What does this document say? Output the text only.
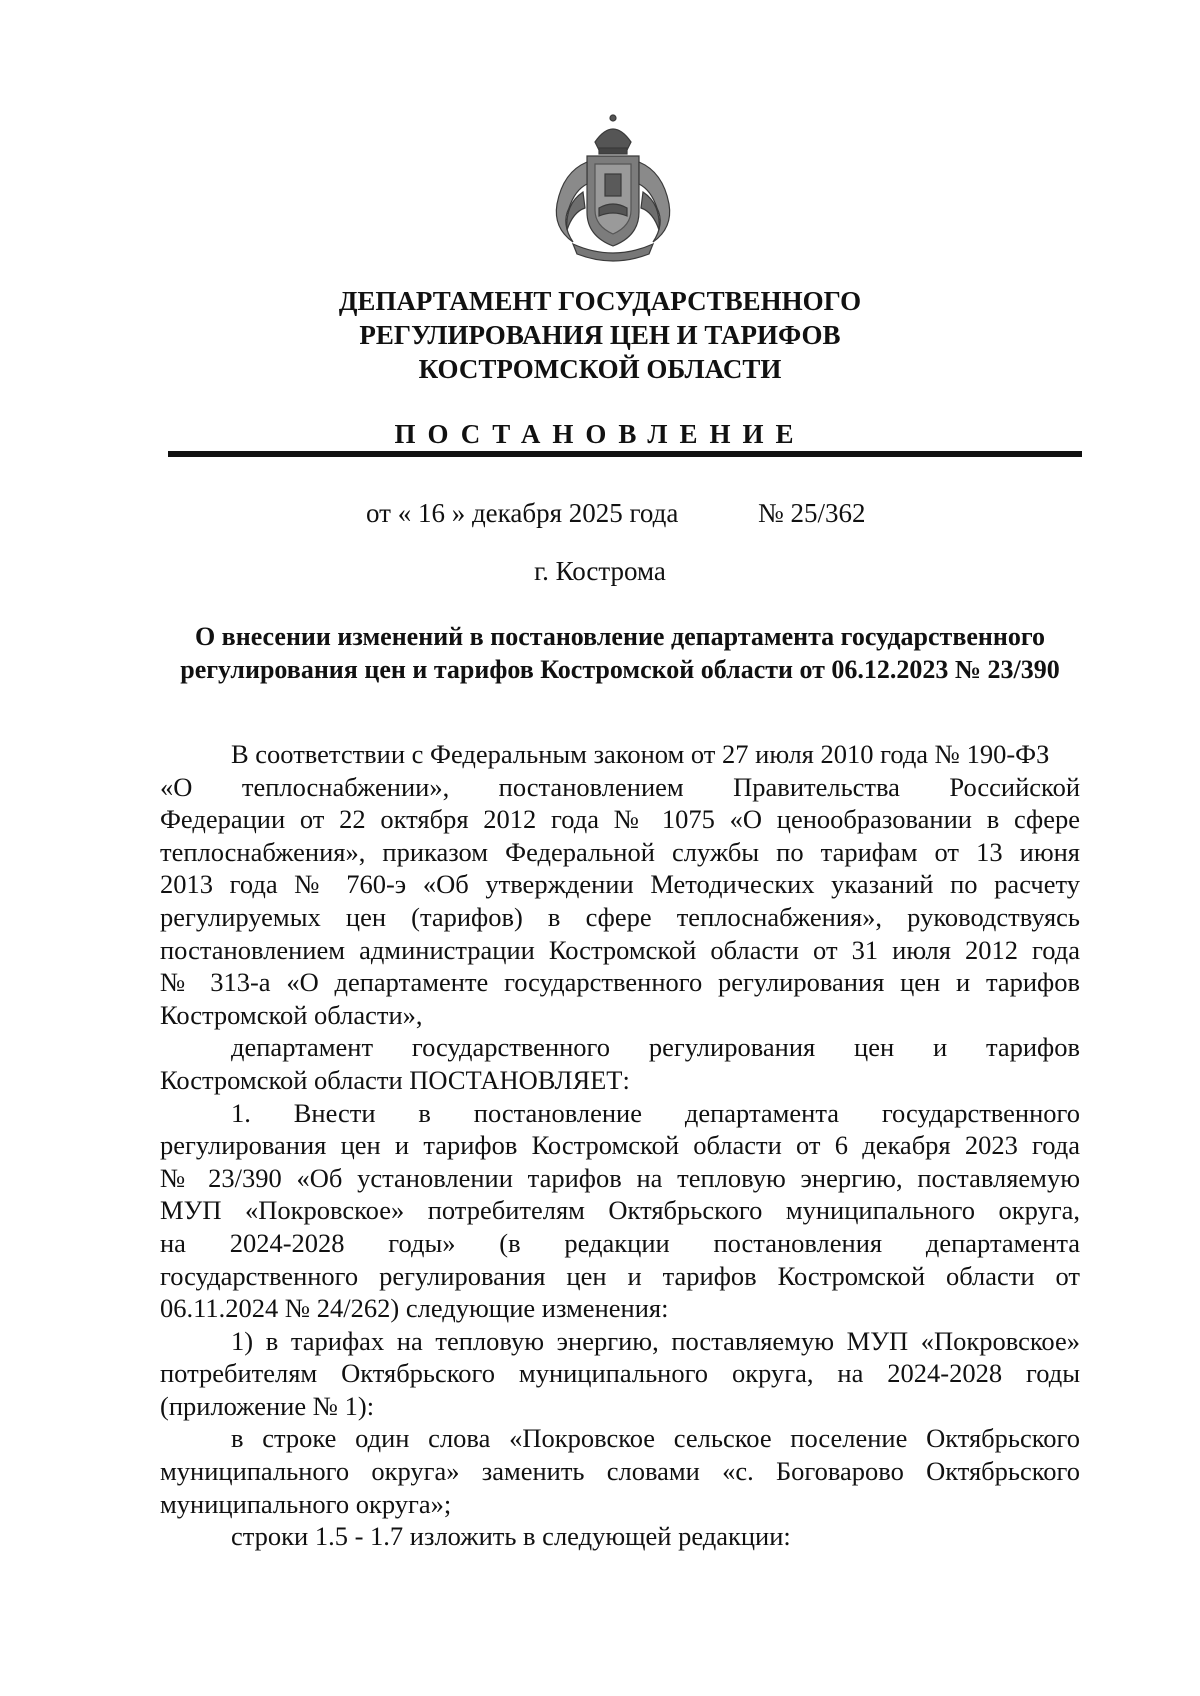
ДЕПАРТАМЕНТ ГОСУДАРСТВЕННОГО
РЕГУЛИРОВАНИЯ ЦЕН И ТАРИФОВ
КОСТРОМСКОЙ ОБЛАСТИ
ПОСТАНОВЛЕНИЕ
от « 16 » декабря 2025 года	№ 25/362
г. Кострома
О внесении изменений в постановление департамента государственного
регулирования цен и тарифов Костромской области от 06.12.2023 № 23/390
В соответствии с Федеральным законом от 27 июля 2010 года № 190-ФЗ
«О теплоснабжении», постановлением Правительства Российской
Федерации от 22 октября 2012 года № 1075 «О ценообразовании в сфере
теплоснабжения», приказом Федеральной службы по тарифам от 13 июня
2013 года № 760-э «Об утверждении Методических указаний по расчету
регулируемых цен (тарифов) в сфере теплоснабжения», руководствуясь
постановлением администрации Костромской области от 31 июля 2012 года
№ 313-а «О департаменте государственного регулирования цен и тарифов
Костромской области»,
департамент государственного регулирования цен и тарифов
Костромской области ПОСТАНОВЛЯЕТ:
1. Внести в постановление департамента государственного
регулирования цен и тарифов Костромской области от 6 декабря 2023 года
№ 23/390 «Об установлении тарифов на тепловую энергию, поставляемую
МУП «Покровское» потребителям Октябрьского муниципального округа,
на 2024-2028 годы» (в редакции постановления департамента
государственного регулирования цен и тарифов Костромской области от
06.11.2024 № 24/262) следующие изменения:
1) в тарифах на тепловую энергию, поставляемую МУП «Покровское»
потребителям Октябрьского муниципального округа, на 2024-2028 годы
(приложение № 1):
в строке один слова «Покровское сельское поселение Октябрьского
муниципального округа» заменить словами «с. Боговарово Октябрьского
муниципального округа»;
строки 1.5 - 1.7 изложить в следующей редакции:
